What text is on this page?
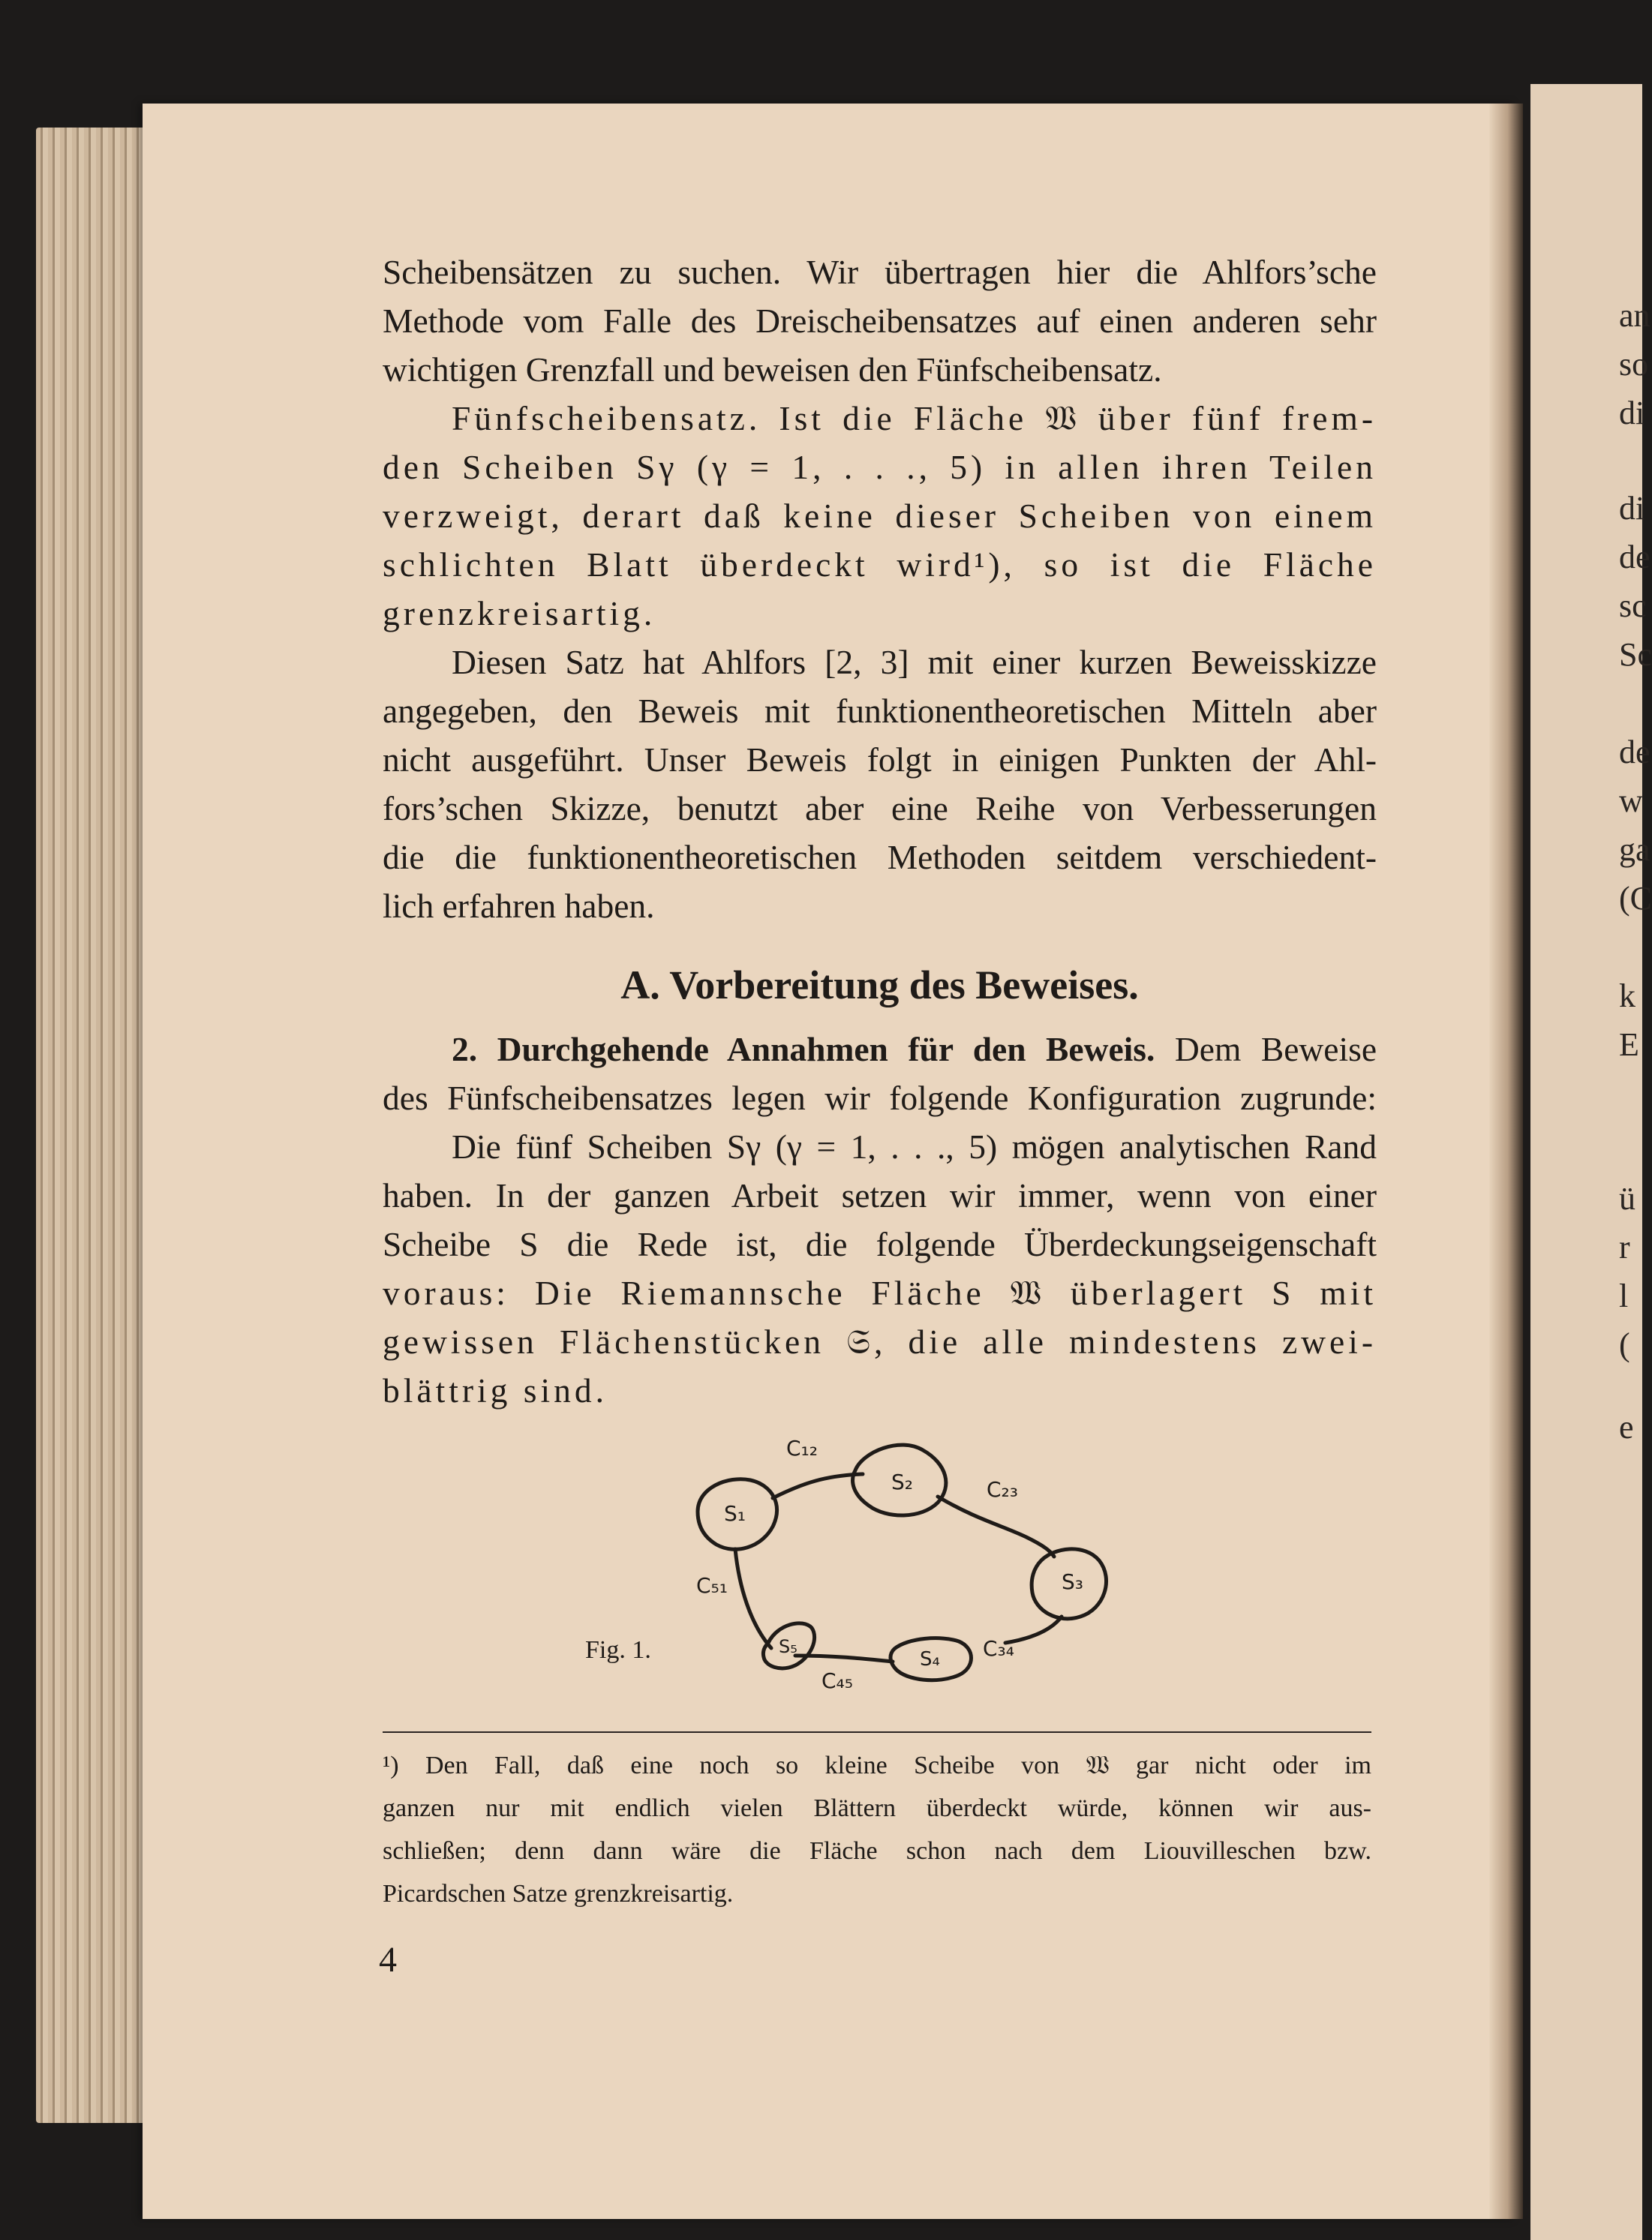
an
so
di
di
de
sc
Sc
de
w
ga
(C
k
E
ü
r
l
(
e
Scheibensätzen zu suchen. Wir übertragen hier die Ahlfors’sche
Methode vom Falle des Dreischeibensatzes auf einen anderen sehr
wichtigen Grenzfall und beweisen den Fünfscheibensatz.
Fünfscheibensatz. Ist die Fläche 𝔚 über fünf frem-
den Scheiben Sγ (γ = 1, . . ., 5) in allen ihren Teilen
verzweigt, derart daß keine dieser Scheiben von einem
schlichten Blatt überdeckt wird¹), so ist die Fläche
grenzkreisartig.
Diesen Satz hat Ahlfors [2, 3] mit einer kurzen Beweisskizze
angegeben, den Beweis mit funktionentheoretischen Mitteln aber
nicht ausgeführt. Unser Beweis folgt in einigen Punkten der Ahl-
fors’schen Skizze, benutzt aber eine Reihe von Verbesserungen
die die funktionentheoretischen Methoden seitdem verschiedent-
lich erfahren haben.
A. Vorbereitung des Beweises.
2. Durchgehende Annahmen für den Beweis. Dem Beweise
des Fünfscheibensatzes legen wir folgende Konfiguration zugrunde:
Die fünf Scheiben Sγ (γ = 1, . . ., 5) mögen analytischen Rand
haben. In der ganzen Arbeit setzen wir immer, wenn von einer
Scheibe S die Rede ist, die folgende Überdeckungseigenschaft
voraus: Die Riemannsche Fläche 𝔚 überlagert S mit
gewissen Flächenstücken 𝔖, die alle mindestens zwei-
blättrig sind.
S₁
S₂
S₃
S₄
S₅
C₁₂
C₂₃
C₃₄
C₄₅
C₅₁
Fig. 1.
¹) Den Fall, daß eine noch so kleine Scheibe von 𝔚 gar nicht oder im
ganzen nur mit endlich vielen Blättern überdeckt würde, können wir aus-
schließen; denn dann wäre die Fläche schon nach dem Liouvilleschen bzw.
Picardschen Satze grenzkreisartig.
4
